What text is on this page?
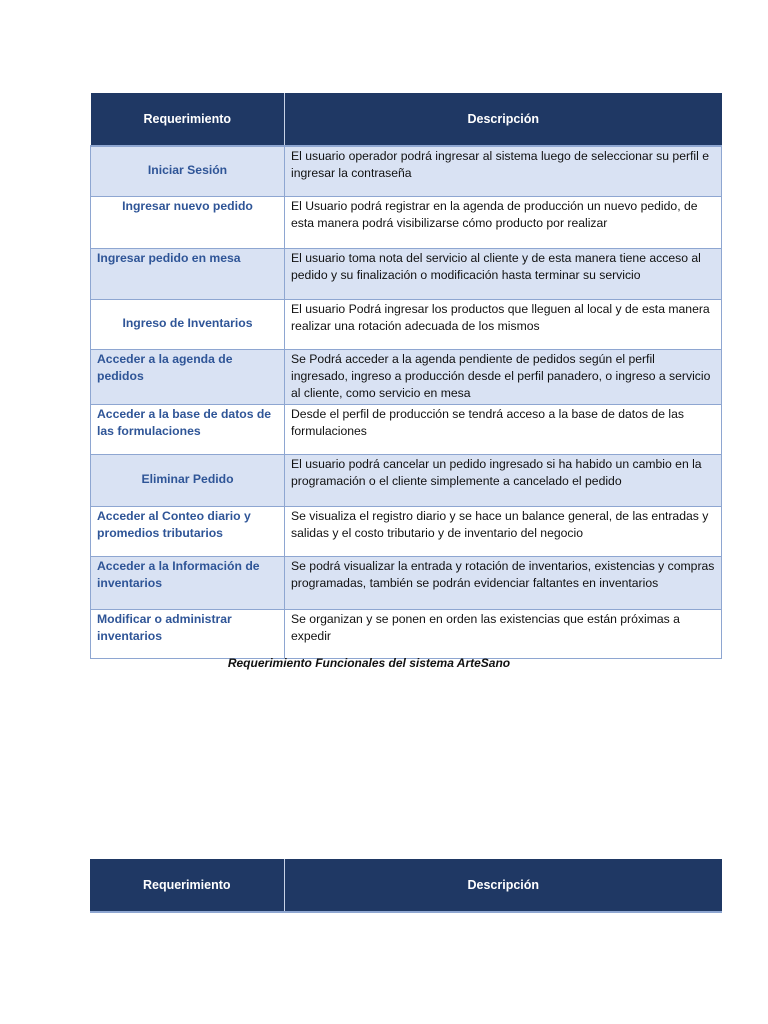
Requerimiento	Descripción
Iniciar Sesión	El usuario operador podrá ingresar al sistema luego de seleccionar su perfil e ingresar la contraseña
Ingresar nuevo pedido	El Usuario podrá registrar en la agenda de producción un nuevo pedido, de esta manera podrá visibilizarse cómo producto por realizar
Ingresar pedido en mesa	El usuario toma nota del servicio al cliente y de esta manera tiene acceso al pedido y su finalización o modificación hasta terminar su servicio
Ingreso de Inventarios	El usuario Podrá ingresar los productos que lleguen al local y de esta manera realizar una rotación adecuada de los mismos
Acceder a la agenda de pedidos	Se Podrá acceder a la agenda pendiente de pedidos según el perfil ingresado, ingreso a producción desde el perfil panadero, o ingreso a servicio al cliente, como servicio en mesa
Acceder a la base de datos de las formulaciones	Desde el perfil de producción se tendrá acceso a la base de datos de las formulaciones
Eliminar Pedido	El usuario podrá cancelar un pedido ingresado si ha habido un cambio en la programación o el cliente simplemente a cancelado el pedido
Acceder al Conteo diario y promedios tributarios	Se visualiza el registro diario y se hace un balance general, de las entradas y salidas y el costo tributario y de inventario del negocio
Acceder a la Información de inventarios	Se podrá visualizar la entrada y rotación de inventarios, existencias y compras programadas, también se podrán evidenciar faltantes en inventarios
Modificar o administrar inventarios	Se organizan y se ponen en orden las existencias que están próximas a expedir
Requerimiento Funcionales del sistema ArteSano
Requerimiento	Descripción
